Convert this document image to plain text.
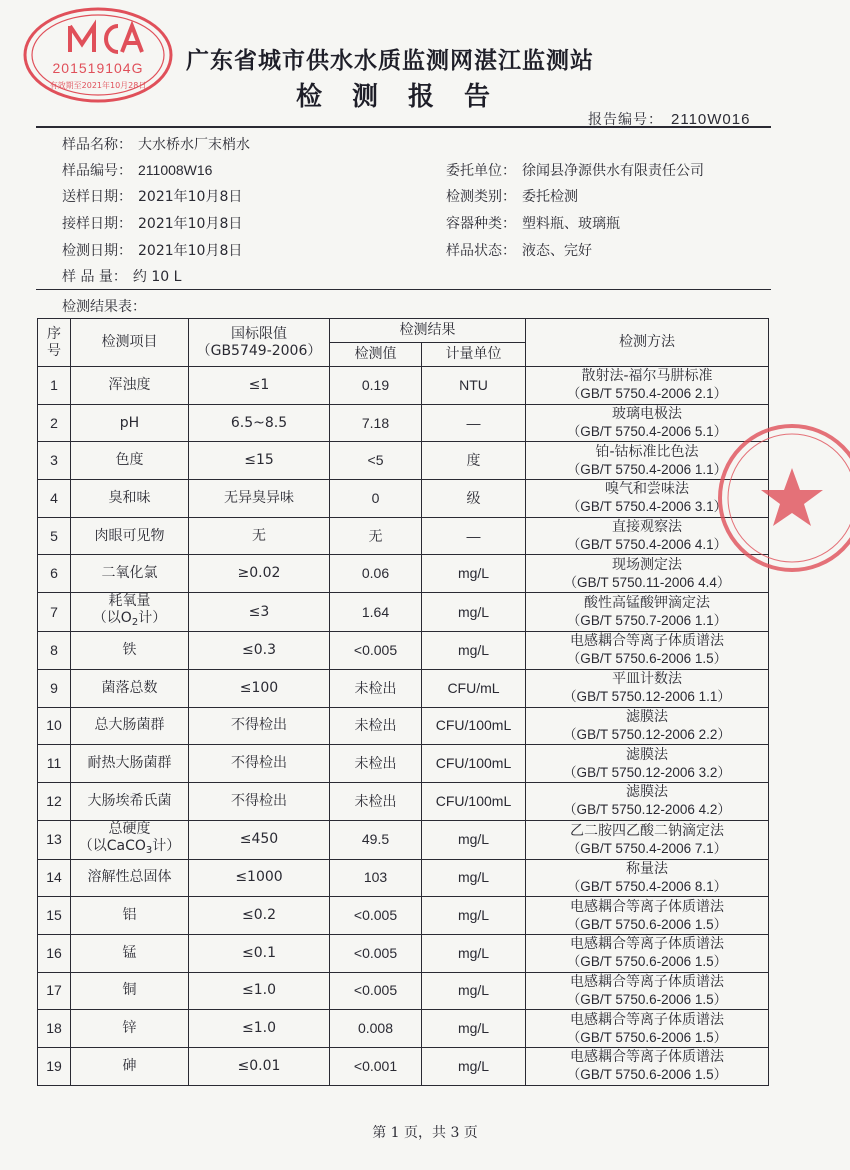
201519104G
有效期至2021年10月28日
广东省城市供水水质监测网湛江监测站
检测报告
报告编号： 2110W016
样品名称： 大水桥水厂末梢水
样品编号： 211008W16
送样日期： 2021年10月8日
接样日期： 2021年10月8日
检测日期： 2021年10月8日
样 品 量： 约 10 L
委托单位： 徐闻县净源供水有限责任公司
检测类别： 委托检测
容器种类： 塑料瓶、玻璃瓶
样品状态： 液态、完好
检测结果表：
序
号	检测项目	国标限值
（GB5749-2006）	检测结果		检测方法
			检测值	计量单位	
1	浑浊度	≤1	0.19	NTU	散射法-福尔马肼标准
（GB/T 5750.4-2006 2.1）

2	pH	6.5~8.5	7.18	—	玻璃电极法
（GB/T 5750.4-2006 5.1）

3	色度	≤15	<5	度	铂-钴标准比色法
（GB/T 5750.4-2006 1.1）

4	臭和味	无异臭异味	0	级	嗅气和尝味法
（GB/T 5750.4-2006 3.1）

5	肉眼可见物	无	无	—	直接观察法
（GB/T 5750.4-2006 4.1）

6	二氧化氯	≥0.02	0.06	mg/L	现场测定法
（GB/T 5750.11-2006 4.4）

7	耗氧量
（以$O_2$计）	≤3	1.64	mg/L	酸性高锰酸钾滴定法
（GB/T 5750.7-2006 1.1）

8	铁	≤0.3	<0.005	mg/L	电感耦合等离子体质谱法
（GB/T 5750.6-2006 1.5）

9	菌落总数	≤100	未检出	CFU/mL	平皿计数法
（GB/T 5750.12-2006 1.1）

10	总大肠菌群	不得检出	未检出	CFU/100mL	滤膜法
（GB/T 5750.12-2006 2.2）

11	耐热大肠菌群	不得检出	未检出	CFU/100mL	滤膜法
（GB/T 5750.12-2006 3.2）

12	大肠埃希氏菌	不得检出	未检出	CFU/100mL	滤膜法
（GB/T 5750.12-2006 4.2）

13	总硬度
（以CaCO$_3$计）	≤450	49.5	mg/L	乙二胺四乙酸二钠滴定法
（GB/T 5750.4-2006 7.1）

14	溶解性总固体	≤1000	103	mg/L	称量法
（GB/T 5750.4-2006 8.1）

15	铝	≤0.2	<0.005	mg/L	电感耦合等离子体质谱法
（GB/T 5750.6-2006 1.5）

16	锰	≤0.1	<0.005	mg/L	电感耦合等离子体质谱法
（GB/T 5750.6-2006 1.5）

17	铜	≤1.0	<0.005	mg/L	电感耦合等离子体质谱法
（GB/T 5750.6-2006 1.5）

18	锌	≤1.0	0.008	mg/L	电感耦合等离子体质谱法
（GB/T 5750.6-2006 1.5）

19	砷	≤0.01	<0.001	mg/L	电感耦合等离子体质谱法
（GB/T 5750.6-2006 1.5）
第 1 页，共 3 页
